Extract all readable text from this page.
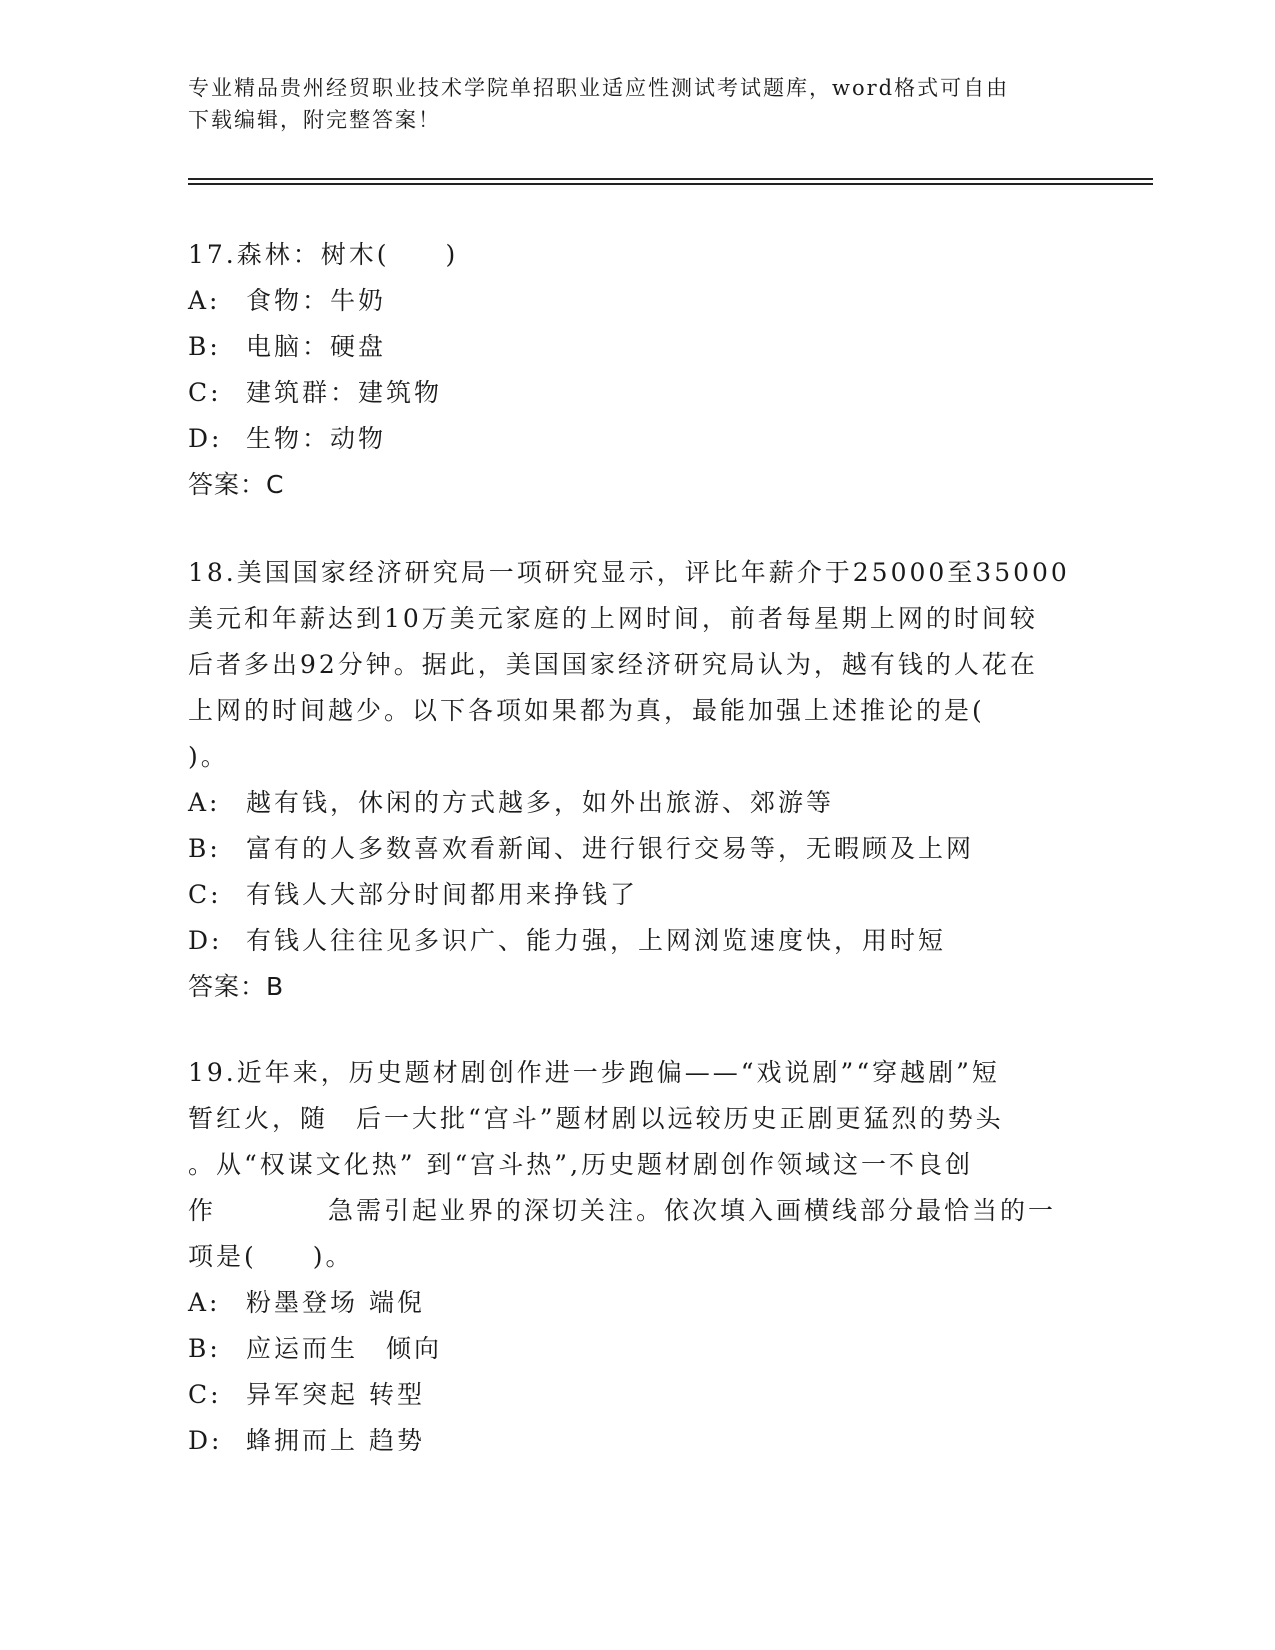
专业精品贵州经贸职业技术学院单招职业适应性测试考试题库，word格式可自由
下载编辑，附完整答案！

17.森林：树木(　　)

A: 食物：牛奶

B: 电脑：硬盘

C: 建筑群：建筑物

D: 生物：动物

答案：C

18.美国国家经济研究局一项研究显示，评比年薪介于25000至35000

美元和年薪达到10万美元家庭的上网时间，前者每星期上网的时间较

后者多出92分钟。据此，美国国家经济研究局认为，越有钱的人花在

上网的时间越少。以下各项如果都为真，最能加强上述推论的是(

)。

A: 越有钱，休闲的方式越多，如外出旅游、郊游等

B: 富有的人多数喜欢看新闻、进行银行交易等，无暇顾及上网

C: 有钱人大部分时间都用来挣钱了

D: 有钱人往往见多识广、能力强，上网浏览速度快，用时短

答案：B

19.近年来，历史题材剧创作进一步跑偏——“戏说剧”“穿越剧”短

暂红火，随　后一大批“宫斗”题材剧以远较历史正剧更猛烈的势头

。从“权谋文化热” 到“宫斗热”,历史题材剧创作领域这一不良创

作　　　　急需引起业界的深切关注。依次填入画横线部分最恰当的一

项是(　　)。

A: 粉墨登场 端倪

B: 应运而生　倾向

C: 异军突起 转型

D: 蜂拥而上 趋势
